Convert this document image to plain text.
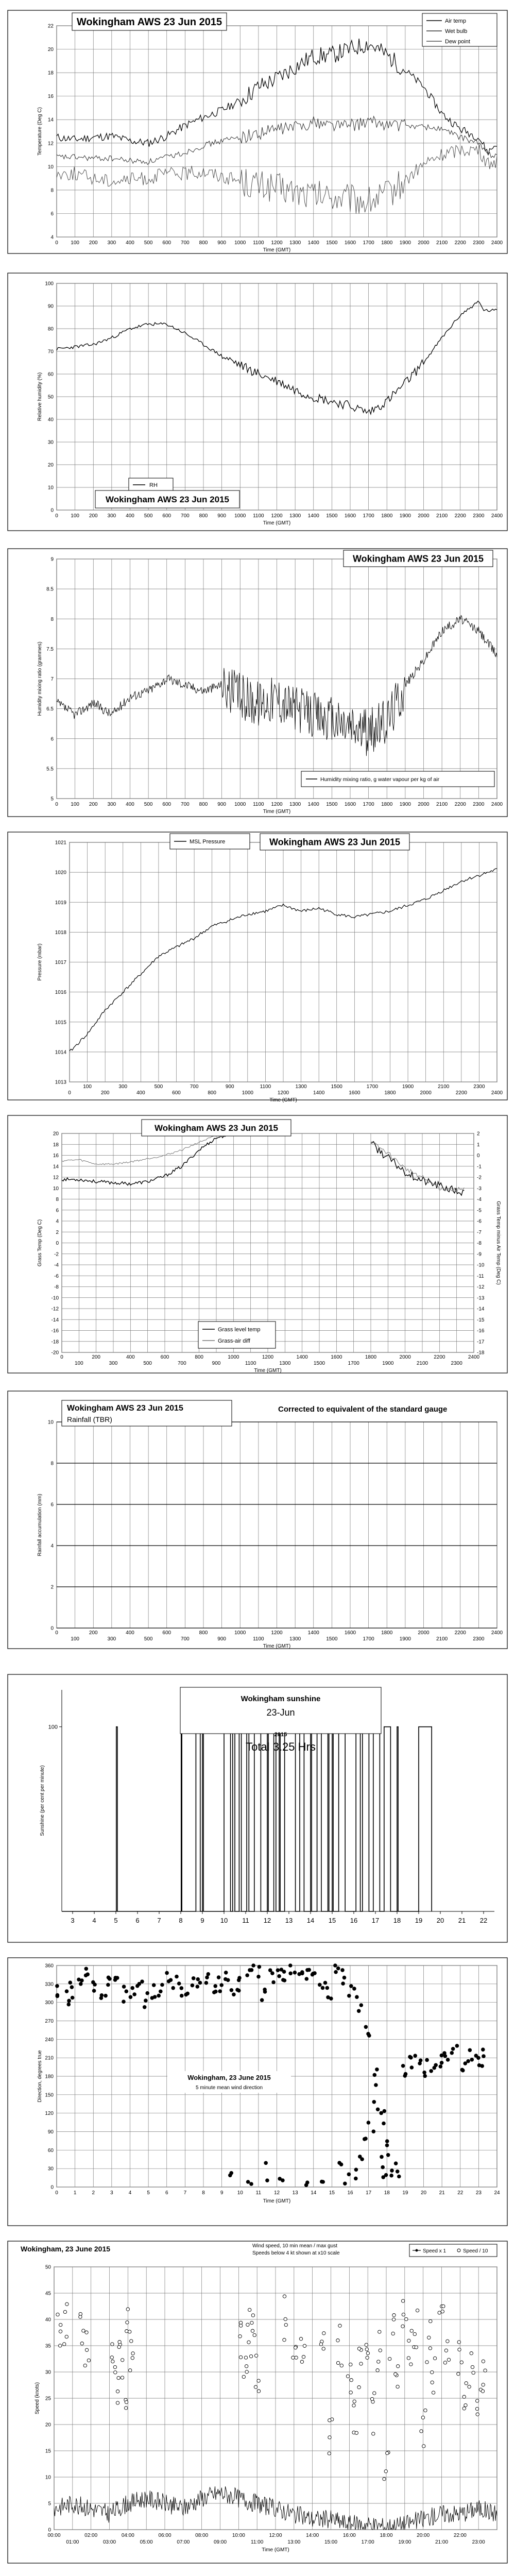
4
6
8
10
12
14
16
18
20
22
0 100 200 300 400 500 600 700 800 900 1000 1100 1200 1300 1400 1500 1600 1700 1800 1900 2000 2100 2200 2300 2400
Time (GMT)
Temperature (Deg C)
Wokingham AWS 23 Jun 2015	Air temp
Wet bulb
Dew point
0
10
20
30
40
50
60
70
80
90
100
0 100 200 300 400 500 600 700 800 900 1000 1100 1200 1300 1400 1500 1600 1700 1800 1900 2000 2100 2200 2300 2400
Time (GMT)
Relative humidity (%)
RH
Wokingham AWS 23 Jun 2015
5
5.5
6
6.5
7
7.5
8
8.5
9
0 100 200 300 400 500 600 700 800 900 1000 1100 1200 1300 1400 1500 1600 1700 1800 1900 2000 2100 2200 2300 2400
Time (GMT)
Humidity mixing ratio (grammes)
Wokingham AWS 23 Jun 2015
Humidity mixing ratio, g water vapour per kg of air
1013
1014
1015
1016
1017
1018
1019
1020
1021
0
100
200
300
400
500
600
700
800
900
1000
1100
1200
1300
1400
1500
1600
1700
1800
1900
2000
2100
2200
2300
2400
Time (GMT)
Pressure (mbar)
MSL Pressure	Wokingham AWS 23 Jun 2015
-20
-18
-16
-14
-12
-10
-8
-6
-4
-2
0
2
4
6
8
10
12
14
16
18
20
0
100
200
300
400
500
600
700
800
900
1000
1100
1200
1300
1400
1500
1600
1700
1800
1900
2000
2100
2200
2300
2400
Time (GMT)
Grass Temp (Deg C)
-18
-17
-16
-15
-14
-13
-12
-11
-10
-9
-8
-7
-6
-5
-4
-3
-2
-1
0
1
2
Grass Temp minus Air Temp (Deg C)
Wokingham AWS 23 Jun 2015
Grass level temp
Grass-air diff
0
2
4
6
8
10
0
100
200
300
400
500
600
700
800
900
1000
1100
1200
1300
1400
1500
1600
1700
1800
1900
2000
2100
2200
2300
2400
Time (GMT)
Rainfall accumulation (mm)
Wokingham AWS 23 Jun 2015
Rainfall (TBR)
Corrected to equivalent of the standard gauge
3	4	5	6	7	8	9 10 11 12 13 14 15 16 17 18 19 20 21 22
100
Sunshine (per cent per minute)
Wokingham sunshine
23-Jun
2015
Total 3.25 Hrs
0
30
60
90
120
150
180
210
240
270
300
330
360
0	1	2	3	4	5	6	7	8	9	10 11 12 13 14 15 16 17 18 19 20 21 22 23 24
Time (GMT)
Direction, degrees true	Wokingham, 23 June 2015
5 minute mean wind direction
0
5
10
15
20
25
30
35
40
45
50
00:00	02:00	04:00	06:00	08:00	10:00	12:00	14:00	16:00	18:00	20:00	22:00
01:00	03:00	05:00	07:00	09:00	11:00	13:00	15:00	17:00	19:00	21:00	23:00
Time (GMT)
Speed (knots)
Wokingham, 23 June 2015	Wind speed, 10 min mean / max gust
Speeds below 4 kt shown at x10 scale	Speed x 1	Speed / 10
